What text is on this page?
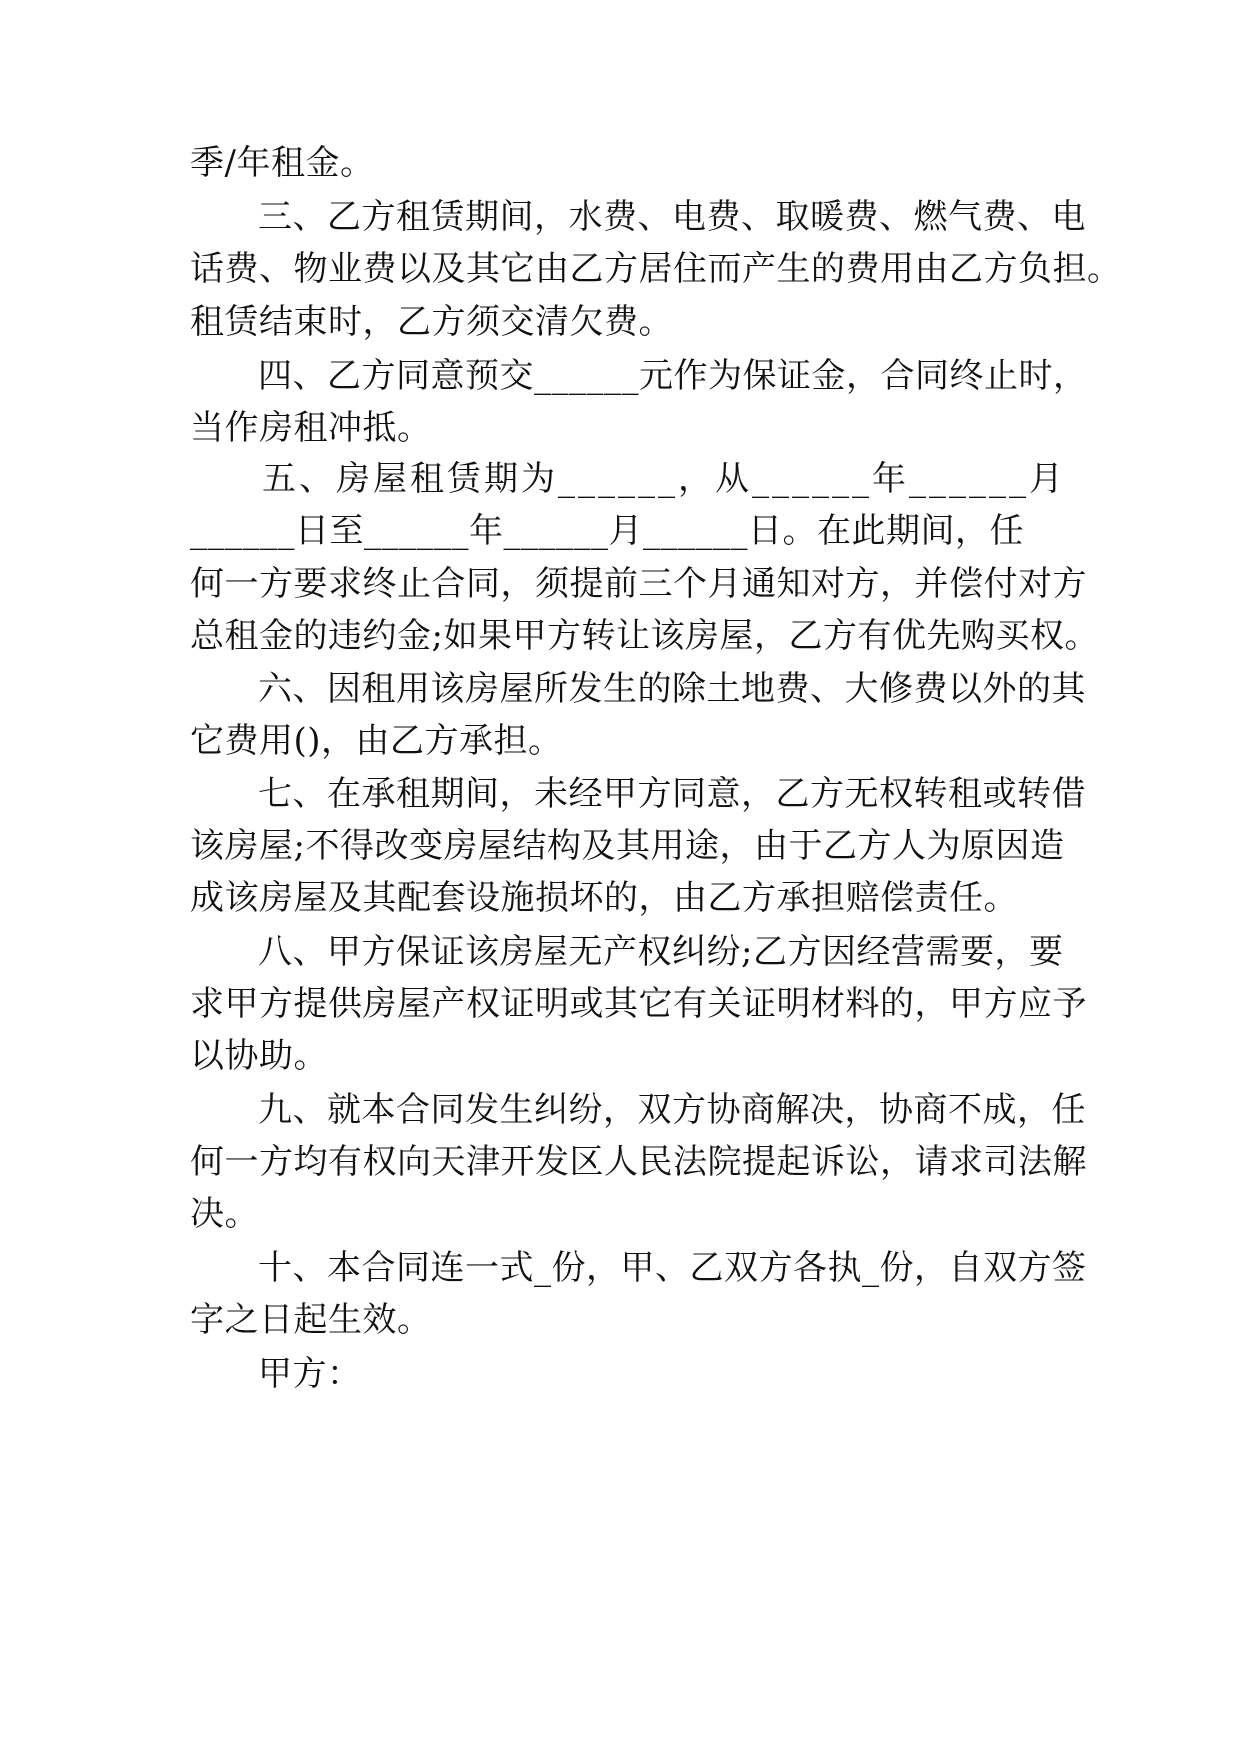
季/年租金。
三、乙方租赁期间，水费、电费、取暖费、燃气费、电
话费、物业费以及其它由乙方居住而产生的费用由乙方负担。
租赁结束时，乙方须交清欠费。
四、乙方同意预交______元作为保证金，合同终止时，
当作房租冲抵。
五、房屋租赁期为______，从______年______月
______日至______年______月______日。在此期间，任
何一方要求终止合同，须提前三个月通知对方，并偿付对方
总租金的违约金;如果甲方转让该房屋，乙方有优先购买权。
六、因租用该房屋所发生的除土地费、大修费以外的其
它费用()，由乙方承担。
七、在承租期间，未经甲方同意，乙方无权转租或转借
该房屋;不得改变房屋结构及其用途，由于乙方人为原因造
成该房屋及其配套设施损坏的，由乙方承担赔偿责任。
八、甲方保证该房屋无产权纠纷;乙方因经营需要，要
求甲方提供房屋产权证明或其它有关证明材料的，甲方应予
以协助。
九、就本合同发生纠纷，双方协商解决，协商不成，任
何一方均有权向天津开发区人民法院提起诉讼，请求司法解
决。
十、本合同连一式_份，甲、乙双方各执_份，自双方签
字之日起生效。
甲方：
